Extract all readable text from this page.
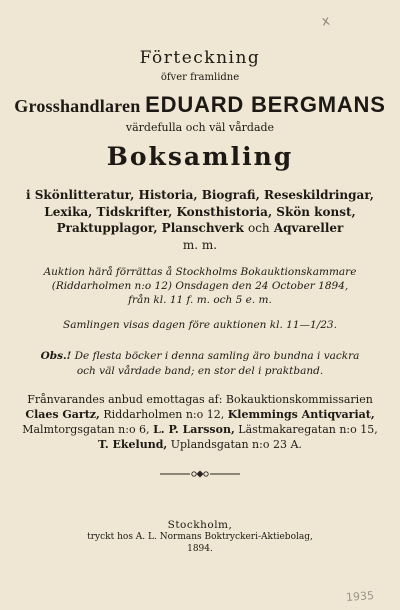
x
Förteckning
öfver framlidne
Grosshandlaren EDUARD BERGMANS
värdefulla och väl vårdade
Boksamling
i Skönlitteratur, Historia, Biografi, Reseskildringar,
Lexika, Tidskrifter, Konsthistoria, Skön konst,
Praktupplagor, Planschverk och Aqvareller
m. m.
Auktion härå förrättas å Stockholms Bokauktionskammare
(Riddarholmen n:o 12) Onsdagen den 24 October 1894,
från kl. 11 f. m. och 5 e. m.
Samlingen visas dagen före auktionen kl. 11—1/23.
Obs.! De flesta böcker i denna samling äro bundna i vackra
och väl vårdade band; en stor del i praktband.
Frånvarandes anbud emottagas af: Bokauktionskommissarien
Claes Gartz, Riddarholmen n:o 12, Klemmings Antiqvariat,
Malmtorgsgatan n:o 6, L. P. Larsson, Lästmakaregatan n:o 15,
T. Ekelund, Uplandsgatan n:o 23 A.
Stockholm,
tryckt hos A. L. Normans Boktryckeri-Aktiebolag,
1894.
1935
